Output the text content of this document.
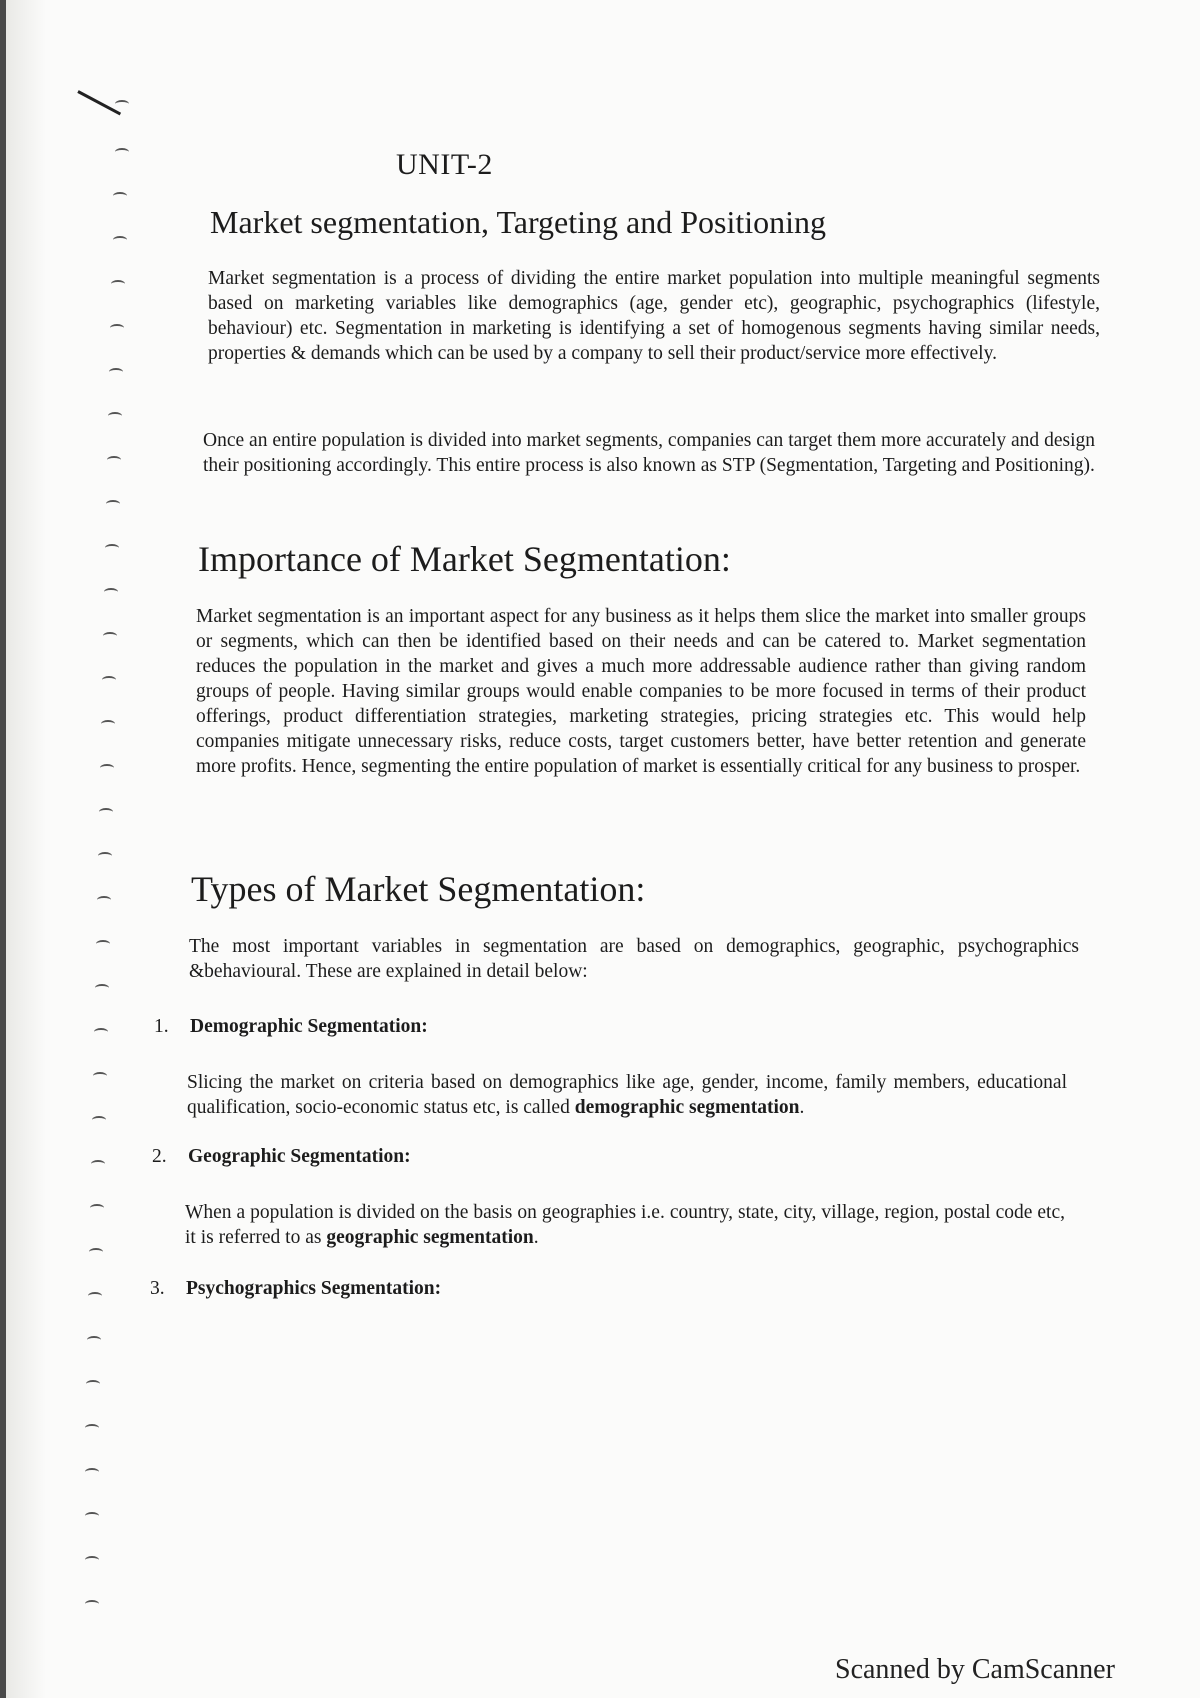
UNIT-2
Market segmentation, Targeting and Positioning

Market segmentation is a process of dividing the entire market population into multiple meaningful segments based on marketing variables like demographics (age, gender etc), geographic, psychographics (lifestyle, behaviour) etc. Segmentation in marketing is identifying a set of homogenous segments having similar needs, properties & demands which can be used by a company to sell their product/service more effectively.

Once an entire population is divided into market segments, companies can target them more accurately and design their positioning accordingly. This entire process is also known as STP (Segmentation, Targeting and Positioning).

Importance of Market Segmentation:

Market segmentation is an important aspect for any business as it helps them slice the market into smaller groups or segments, which can then be identified based on their needs and can be catered to. Market segmentation reduces the population in the market and gives a much more addressable audience rather than giving random groups of people. Having similar groups would enable companies to be more focused in terms of their product offerings, product differentiation strategies, marketing strategies, pricing strategies etc. This would help companies mitigate unnecessary risks, reduce costs, target customers better, have better retention and generate more profits. Hence, segmenting the entire population of market is essentially critical for any business to prosper.

Types of Market Segmentation:

The most important variables in segmentation are based on demographics, geographic, psychographics &behavioural. These are explained in detail below:

1. Demographic Segmentation:

Slicing the market on criteria based on demographics like age, gender, income, family members, educational qualification, socio-economic status etc, is called demographic segmentation.

2. Geographic Segmentation:

When a population is divided on the basis on geographies i.e. country, state, city, village, region, postal code etc, it is referred to as geographic segmentation.

3. Psychographics Segmentation:
Scanned by CamScanner
